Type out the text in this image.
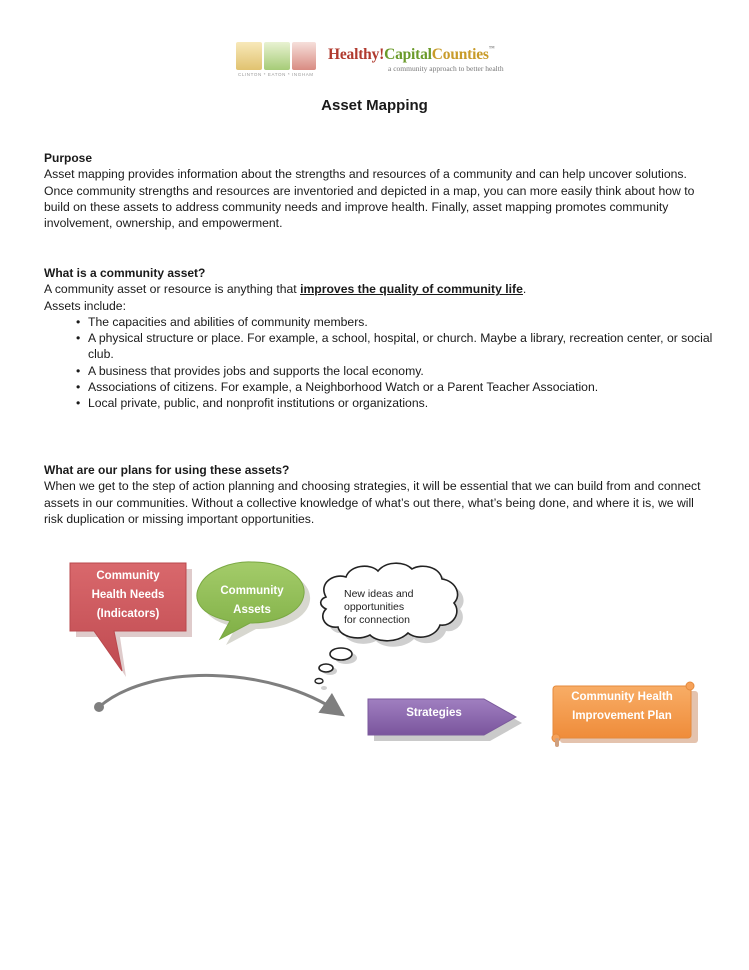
CLINTON * EATON * INGHAM
Healthy!CapitalCounties™
a community approach to better health
Asset Mapping
Purpose

Asset mapping provides information about the strengths and resources of a community and can help uncover solutions. Once community strengths and resources are inventoried and depicted in a map, you can more easily think about how to build on these assets to address community needs and improve health. Finally, asset mapping promotes community involvement, ownership, and empowerment.

What is a community asset?

A community asset or resource is anything that improves the quality of community life.

Assets include:

• The capacities and abilities of community members.
• A physical structure or place. For example, a school, hospital, or church. Maybe a library, recreation center, or social club.
• A business that provides jobs and supports the local economy.
• Associations of citizens. For example, a Neighborhood Watch or a Parent Teacher Association.
• Local private, public, and nonprofit institutions or organizations.
What are our plans for using these assets?

When we get to the step of action planning and choosing strategies, it will be essential that we can build from and connect assets in our communities. Without a collective knowledge of what’s out there, what’s being done, and where it is, we will risk duplication or missing important opportunities.

Community
Health Needs
(Indicators)
Community
Assets
New ideas and
opportunities
for connection
Strategies
Community Health
Improvement Plan
